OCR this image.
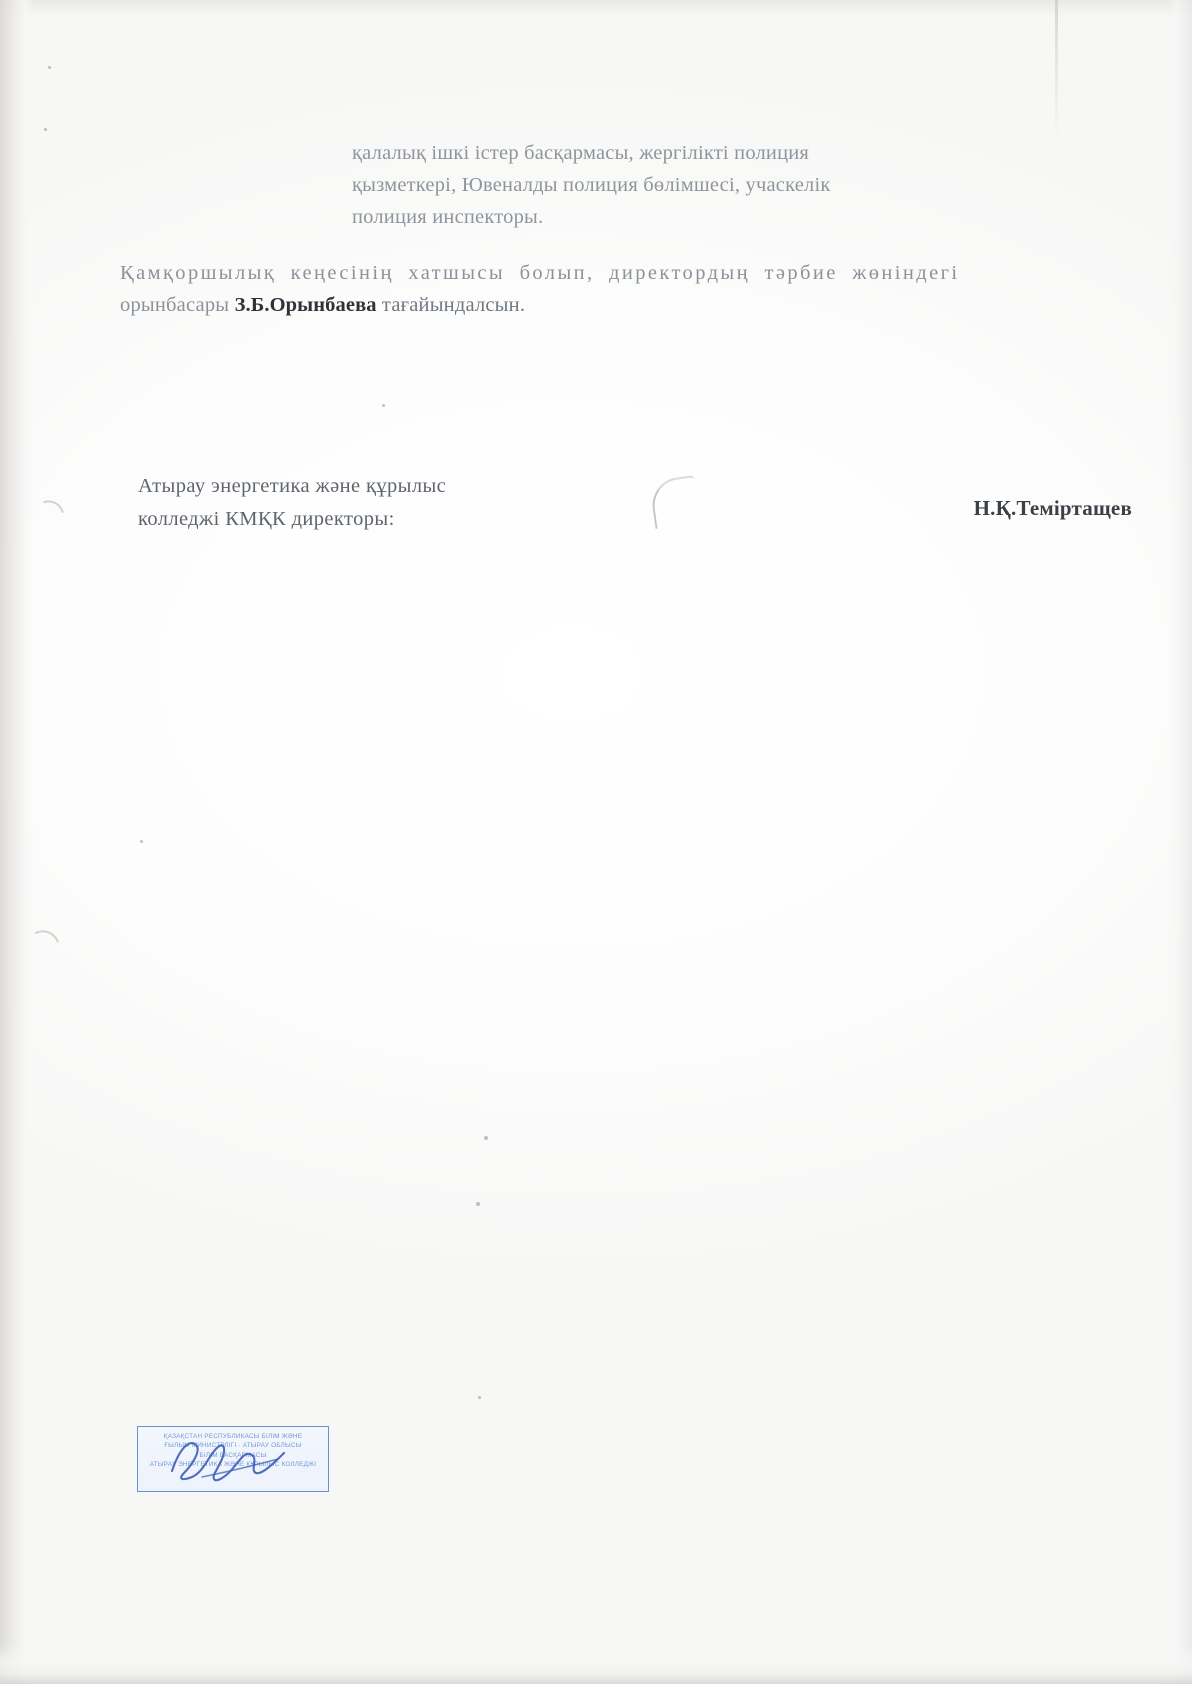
қалалық ішкі істер басқармасы, жергілікті полиция
қызметкері, Ювеналды полиция бөлімшесі, учаскелік
полиция инспекторы.
Қамқоршылық кеңесінің хатшысы болып, директордың тәрбие жөніндегі
орынбасары З.Б.Орынбаева тағайындалсын.
Атырау энергетика және құрылыс
колледжі КМҚК директоры:	Н.Қ.Теміртащев
ҚАЗАҚСТАН РЕСПУБЛИКАСЫ БІЛІМ ЖӘНЕ
ҒЫЛЫМ МИНИСТРЛІГІ · АТЫРАУ ОБЛЫСЫ
БІЛІМ БАСҚАРМАСЫ
АТЫРАУ ЭНЕРГЕТИКА ЖӘНЕ ҚҰРЫЛЫС КОЛЛЕДЖІ
